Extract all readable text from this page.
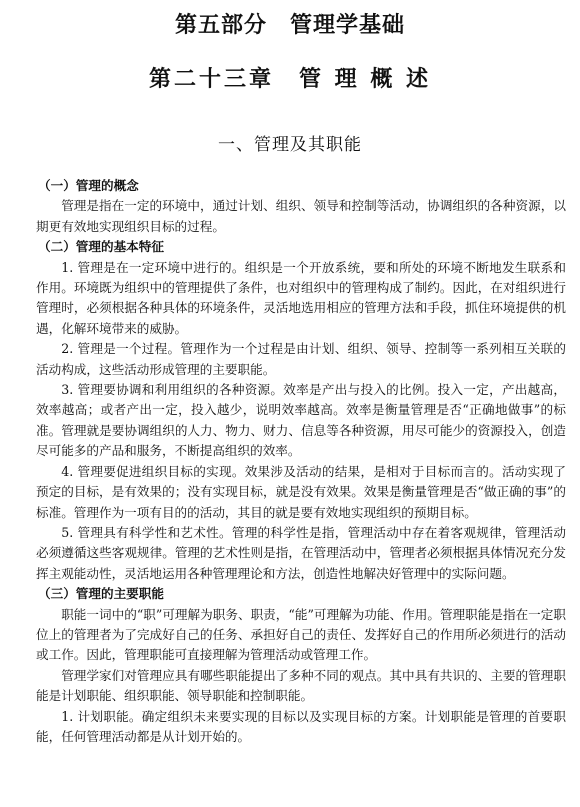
第五部分　管理学基础
第二十三章　管 理 概 述
一、管理及其职能
（一）管理的概念

管理是指在一定的环境中，通过计划、组织、领导和控制等活动，协调组织的各种资源，以期更有效地实现组织目标的过程。

（二）管理的基本特征

1. 管理是在一定环境中进行的。组织是一个开放系统，要和所处的环境不断地发生联系和作用。环境既为组织中的管理提供了条件，也对组织中的管理构成了制约。因此，在对组织进行管理时，必须根据各种具体的环境条件，灵活地选用相应的管理方法和手段，抓住环境提供的机遇，化解环境带来的威胁。

2. 管理是一个过程。管理作为一个过程是由计划、组织、领导、控制等一系列相互关联的活动构成，这些活动形成管理的主要职能。

3. 管理要协调和利用组织的各种资源。效率是产出与投入的比例。投入一定，产出越高，效率越高；或者产出一定，投入越少，说明效率越高。效率是衡量管理是否“正确地做事”的标准。管理就是要协调组织的人力、物力、财力、信息等各种资源，用尽可能少的资源投入，创造尽可能多的产品和服务，不断提高组织的效率。

4. 管理要促进组织目标的实现。效果涉及活动的结果，是相对于目标而言的。活动实现了预定的目标，是有效果的；没有实现目标，就是没有效果。效果是衡量管理是否“做正确的事”的标准。管理作为一项有目的的活动，其目的就是要有效地实现组织的预期目标。

5. 管理具有科学性和艺术性。管理的科学性是指，管理活动中存在着客观规律，管理活动必须遵循这些客观规律。管理的艺术性则是指，在管理活动中，管理者必须根据具体情况充分发挥主观能动性，灵活地运用各种管理理论和方法，创造性地解决好管理中的实际问题。

（三）管理的主要职能

职能一词中的“职”可理解为职务、职责，“能”可理解为功能、作用。管理职能是指在一定职位上的管理者为了完成好自己的任务、承担好自己的责任、发挥好自己的作用所必须进行的活动或工作。因此，管理职能可直接理解为管理活动或管理工作。

管理学家们对管理应具有哪些职能提出了多种不同的观点。其中具有共识的、主要的管理职能是计划职能、组织职能、领导职能和控制职能。

1. 计划职能。确定组织未来要实现的目标以及实现目标的方案。计划职能是管理的首要职能，任何管理活动都是从计划开始的。
